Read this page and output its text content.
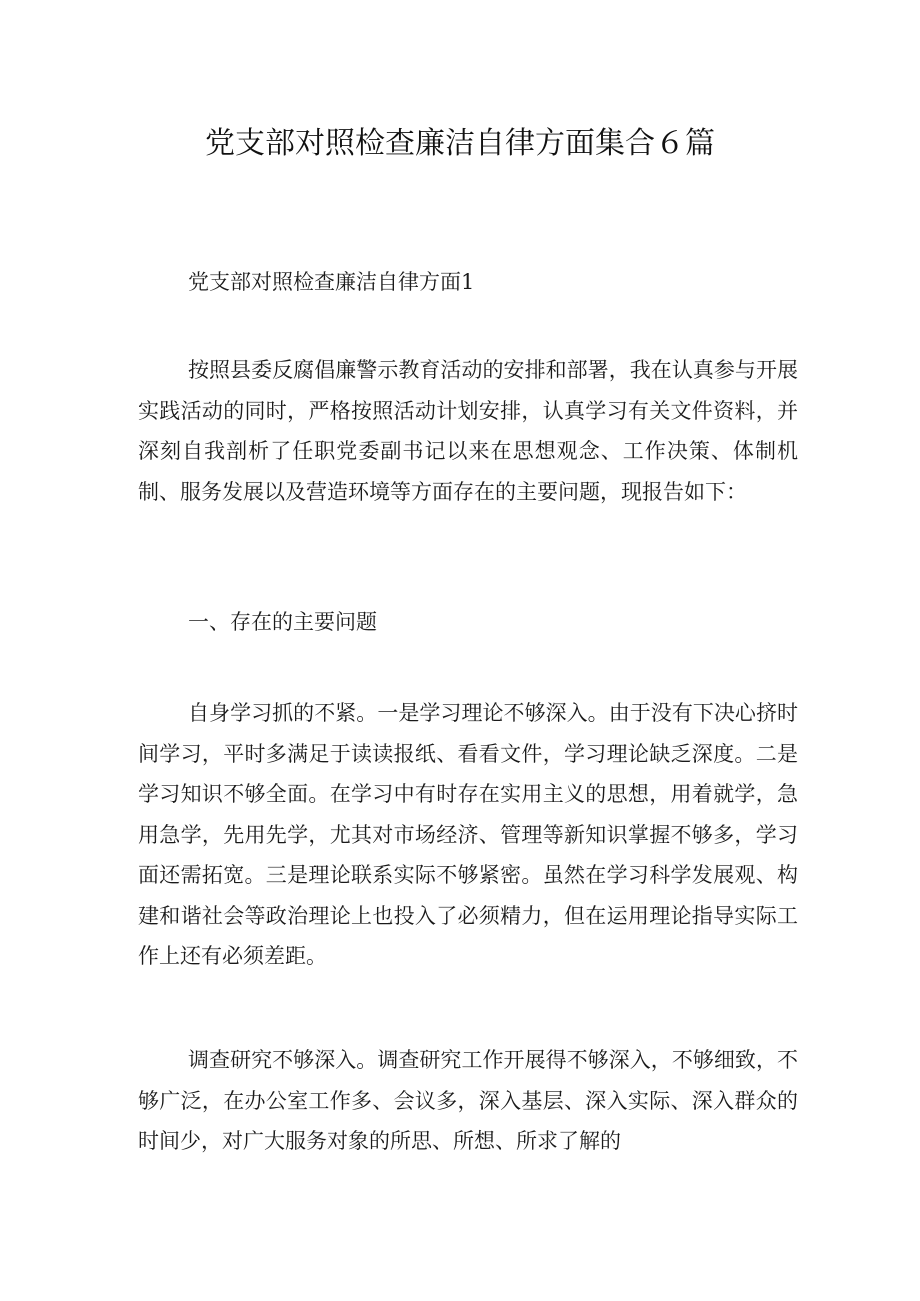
党支部对照检查廉洁自律方面集合６篇

党支部对照检查廉洁自律方面1

按照县委反腐倡廉警示教育活动的安排和部署，我在认真参与开展实践活动的同时，严格按照活动计划安排，认真学习有关文件资料，并深刻自我剖析了任职党委副书记以来在思想观念、工作决策、体制机制、服务发展以及营造环境等方面存在的主要问题，现报告如下：

一、存在的主要问题

自身学习抓的不紧。一是学习理论不够深入。由于没有下决心挤时间学习，平时多满足于读读报纸、看看文件，学习理论缺乏深度。二是学习知识不够全面。在学习中有时存在实用主义的思想，用着就学，急用急学，先用先学，尤其对市场经济、管理等新知识掌握不够多，学习面还需拓宽。三是理论联系实际不够紧密。虽然在学习科学发展观、构建和谐社会等政治理论上也投入了必须精力，但在运用理论指导实际工作上还有必须差距。

调查研究不够深入。调查研究工作开展得不够深入，不够细致，不够广泛，在办公室工作多、会议多，深入基层、深入实际、深入群众的时间少，对广大服务对象的所思、所想、所求了解的
